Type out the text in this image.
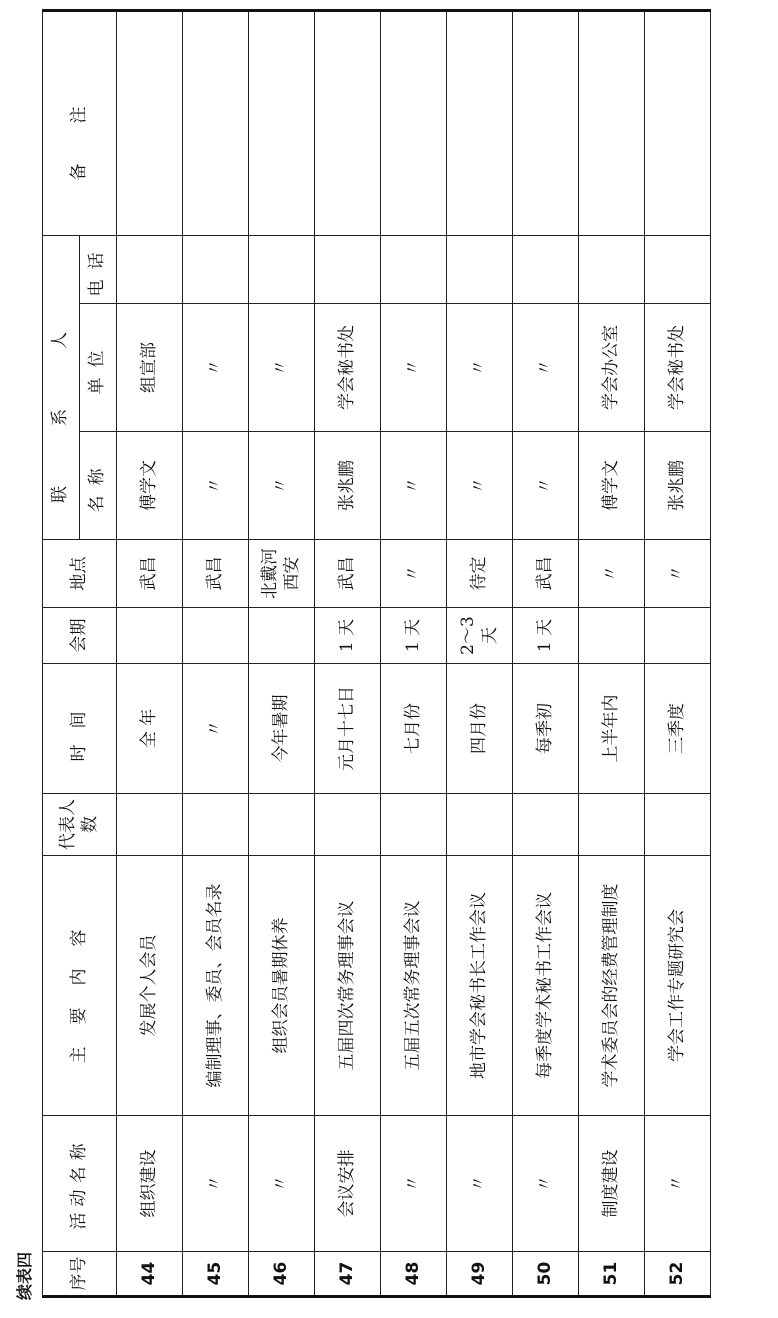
续表四 序号	活动名称	主要内容	代表人数	时间	会期	地点	联系人			备注
							名称	单位	电话	
44	组织建设	发展个人会员		全 年		武昌	傅学文	组宣部		
45	〃	编制理事、委员、会员名录		〃		武昌	〃	〃		
46	〃	组织会员暑期休养		今年暑期		北戴河 西安	〃	〃		
47	会议安排	五届四次常务理事会议		元月十七日	1 天	武昌	张兆鹏	学会秘书处		
48	〃	五届五次常务理事会议		七月份	1 天	〃	〃	〃		
49	〃	地市学会秘书长工作会议		四月份	2～3天	待定	〃	〃		
50	〃	每季度学术秘书工作会议		每季初	1 天	武昌	〃	〃		
51	制度建设	学术委员会的经费管理制度		上半年内		〃	傅学文	学会办公室		
52	〃	学会工作专题研究会		三季度		〃	张兆鹏	学会秘书处		
